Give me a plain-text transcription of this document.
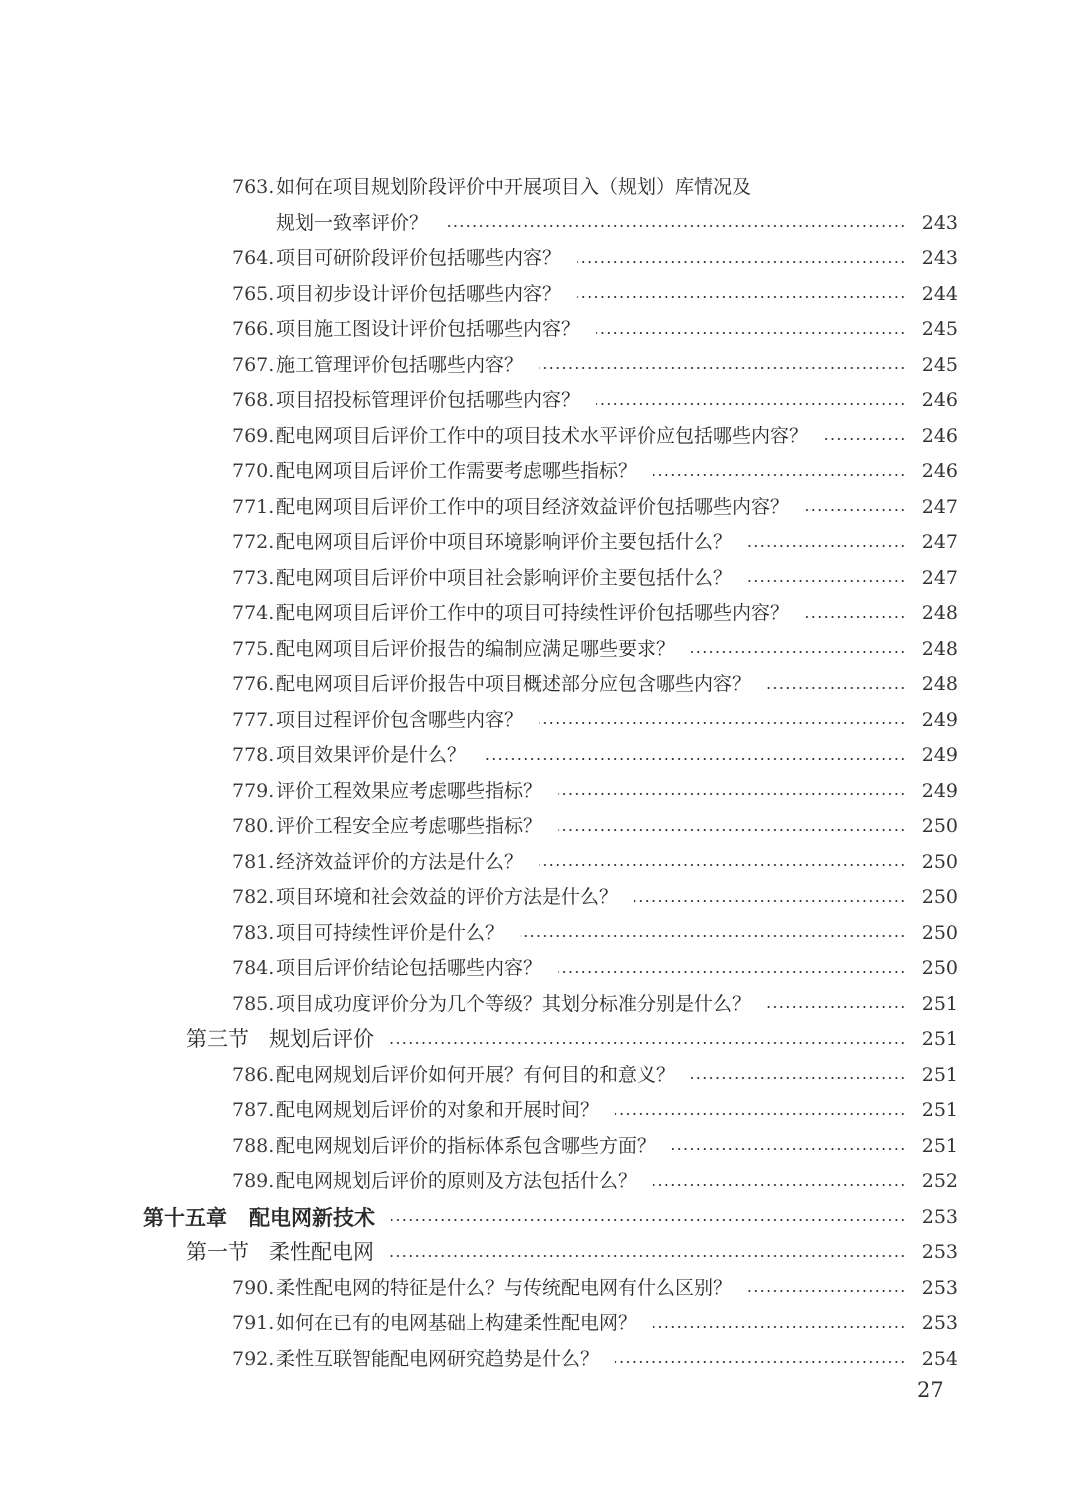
763. 如何在项目规划阶段评价中开展项目入（规划）库情况及
规划一致率评价？	243
764. 项目可研阶段评价包括哪些内容？	243
765. 项目初步设计评价包括哪些内容？	244
766. 项目施工图设计评价包括哪些内容？	245
767. 施工管理评价包括哪些内容？	245
768. 项目招投标管理评价包括哪些内容？	246
769. 配电网项目后评价工作中的项目技术水平评价应包括哪些内容？	246
770. 配电网项目后评价工作需要考虑哪些指标？	246
771. 配电网项目后评价工作中的项目经济效益评价包括哪些内容？	247
772. 配电网项目后评价中项目环境影响评价主要包括什么？	247
773. 配电网项目后评价中项目社会影响评价主要包括什么？	247
774. 配电网项目后评价工作中的项目可持续性评价包括哪些内容？	248
775. 配电网项目后评价报告的编制应满足哪些要求？	248
776. 配电网项目后评价报告中项目概述部分应包含哪些内容？	248
777. 项目过程评价包含哪些内容？	249
778. 项目效果评价是什么？	249
779. 评价工程效果应考虑哪些指标？	249
780. 评价工程安全应考虑哪些指标？	250
781. 经济效益评价的方法是什么？	250
782. 项目环境和社会效益的评价方法是什么？	250
783. 项目可持续性评价是什么？	250
784. 项目后评价结论包括哪些内容？	250
785. 项目成功度评价分为几个等级？其划分标准分别是什么？	251
第三节 规划后评价	251
786. 配电网规划后评价如何开展？有何目的和意义？	251
787. 配电网规划后评价的对象和开展时间？	251
788. 配电网规划后评价的指标体系包含哪些方面？	251
789. 配电网规划后评价的原则及方法包括什么？	252
第十五章 配电网新技术	253
第一节 柔性配电网	253
790. 柔性配电网的特征是什么？与传统配电网有什么区别？	253
791. 如何在已有的电网基础上构建柔性配电网？	253
792. 柔性互联智能配电网研究趋势是什么？	254
27
